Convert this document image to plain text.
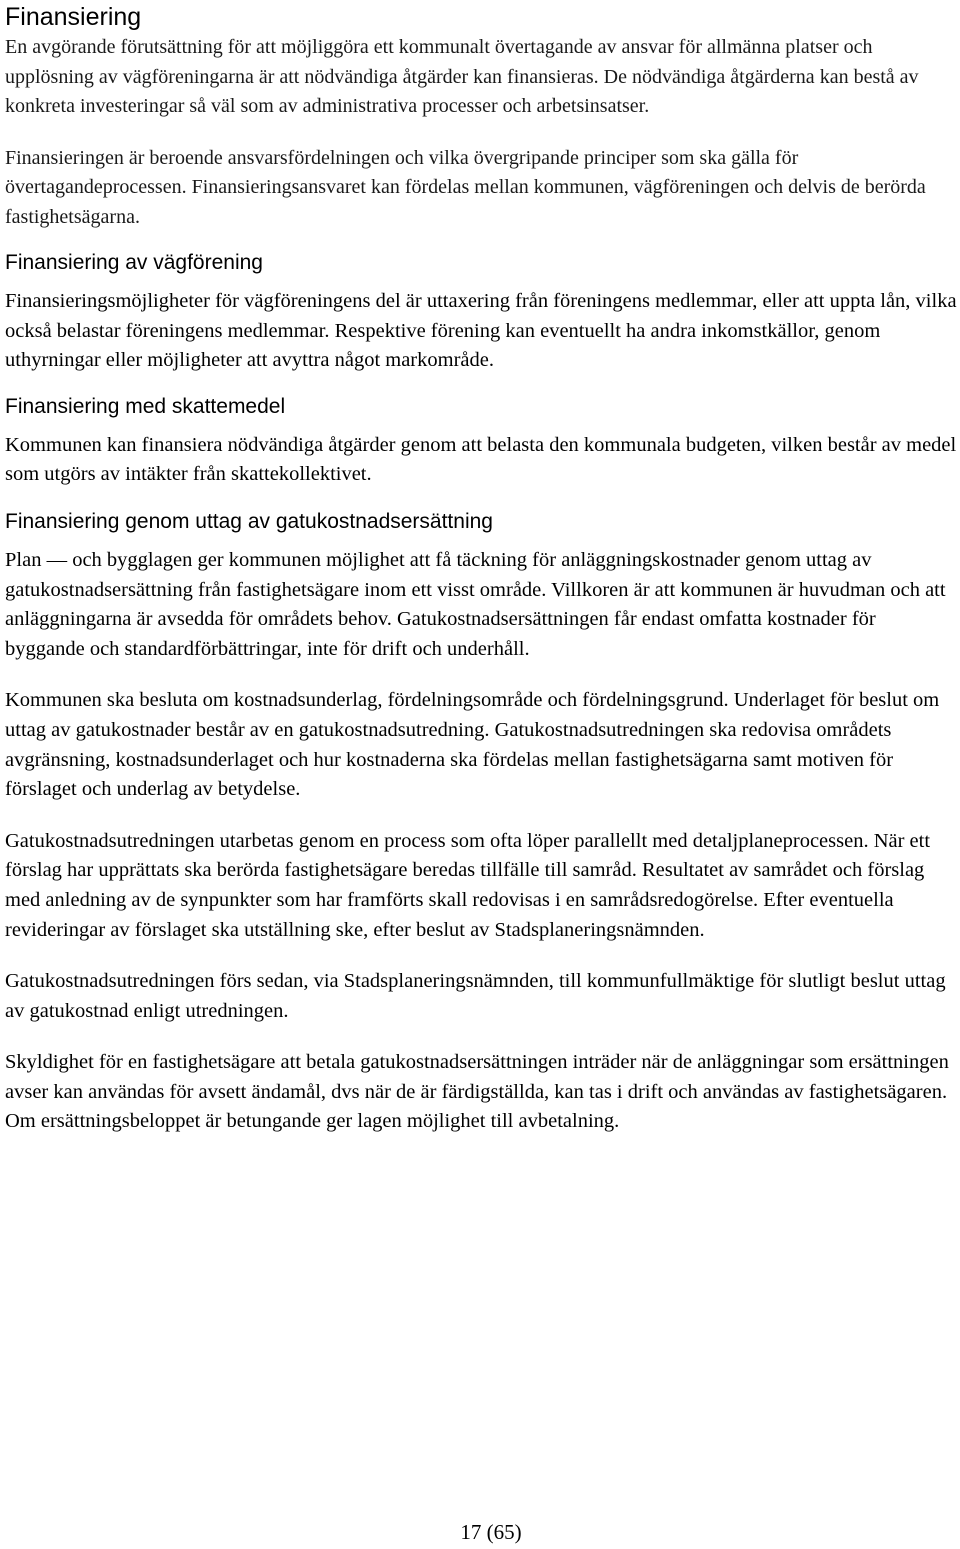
Finansiering

En avgörande förutsättning för att möjliggöra ett kommunalt övertagande av ansvar för allmänna platser och upplösning av vägföreningarna är att nödvändiga åtgärder kan finansieras. De nödvändiga åtgärderna kan bestå av konkreta investeringar så väl som av administrativa processer och arbetsinsatser.

Finansieringen är beroende ansvarsfördelningen och vilka övergripande principer som ska gälla för övertagandeprocessen. Finansieringsansvaret kan fördelas mellan kommunen, vägföreningen och delvis de berörda fastighetsägarna.

Finansiering av vägförening

Finansieringsmöjligheter för vägföreningens del är uttaxering från föreningens medlemmar, eller att uppta lån, vilka också belastar föreningens medlemmar. Respektive förening kan eventuellt ha andra inkomstkällor, genom uthyrningar eller möjligheter att avyttra något markområde.

Finansiering med skattemedel

Kommunen kan finansiera nödvändiga åtgärder genom att belasta den kommunala budgeten, vilken består av medel som utgörs av intäkter från skattekollektivet.

Finansiering genom uttag av gatukostnadsersättning

Plan — och bygglagen ger kommunen möjlighet att få täckning för anläggningskostnader genom uttag av gatukostnadsersättning från fastighetsägare inom ett visst område. Villkoren är att kommunen är huvudman och att anläggningarna är avsedda för områdets behov. Gatukostnadsersättningen får endast omfatta kostnader för byggande och standardförbättringar, inte för drift och underhåll.

Kommunen ska besluta om kostnadsunderlag, fördelningsområde och fördelningsgrund. Underlaget för beslut om uttag av gatukostnader består av en gatukostnadsutredning. Gatukostnadsutredningen ska redovisa områdets avgränsning, kostnadsunderlaget och hur kostnaderna ska fördelas mellan fastighetsägarna samt motiven för förslaget och underlag av betydelse.

Gatukostnadsutredningen utarbetas genom en process som ofta löper parallellt med detaljplaneprocessen. När ett förslag har upprättats ska berörda fastighetsägare beredas tillfälle till samråd. Resultatet av samrådet och förslag med anledning av de synpunkter som har framförts skall redovisas i en samrådsredogörelse. Efter eventuella revideringar av förslaget ska utställning ske, efter beslut av Stadsplaneringsnämnden.

Gatukostnadsutredningen förs sedan, via Stadsplaneringsnämnden, till kommunfullmäktige för slutligt beslut uttag av gatukostnad enligt utredningen.

Skyldighet för en fastighetsägare att betala gatukostnadsersättningen inträder när de anläggningar som ersättningen avser kan användas för avsett ändamål, dvs när de är färdigställda, kan tas i drift och användas av fastighetsägaren. Om ersättningsbeloppet är betungande ger lagen möjlighet till avbetalning.

17 (65)
